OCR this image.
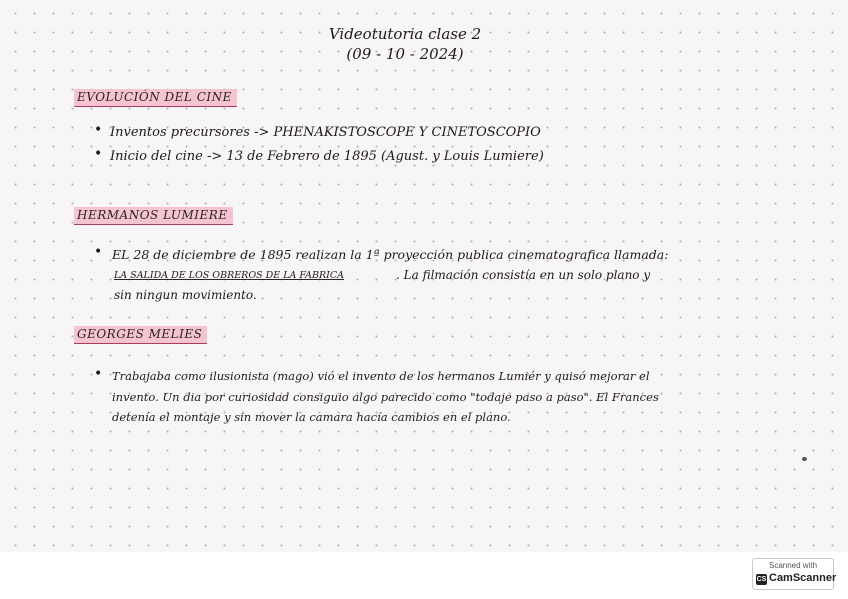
Videotutoria clase 2
(09 - 10 - 2024)
EVOLUCIÓN DEL CINE
• Inventos precursores -> PHENAKISTOSCOPE Y CINETOSCOPIO
• Inicio del cine -> 13 de Febrero de 1895 (Agust. y Louis Lumiere)
HERMANOS LUMIERE
• EL 28 de diciembre de 1895 realizan la 1ª proyección publica cinematografica llamada:
LA SALIDA DE LOS OBREROS DE LA FABRICA	. La filmación consistía en un solo plano y
sin ningun movimiento.
GEORGES MELIES
• Trabajaba como ilusionista (mago) vió el invento de los hermanos Lumiér y quisó mejorar el
invento. Un dia por curiosidad consiguio algo parecido como "todaje paso a paso". El Frances
detenía el montaje y sin mover la camara hacía cambios en el plano.
Scanned with
CS CamScanner
